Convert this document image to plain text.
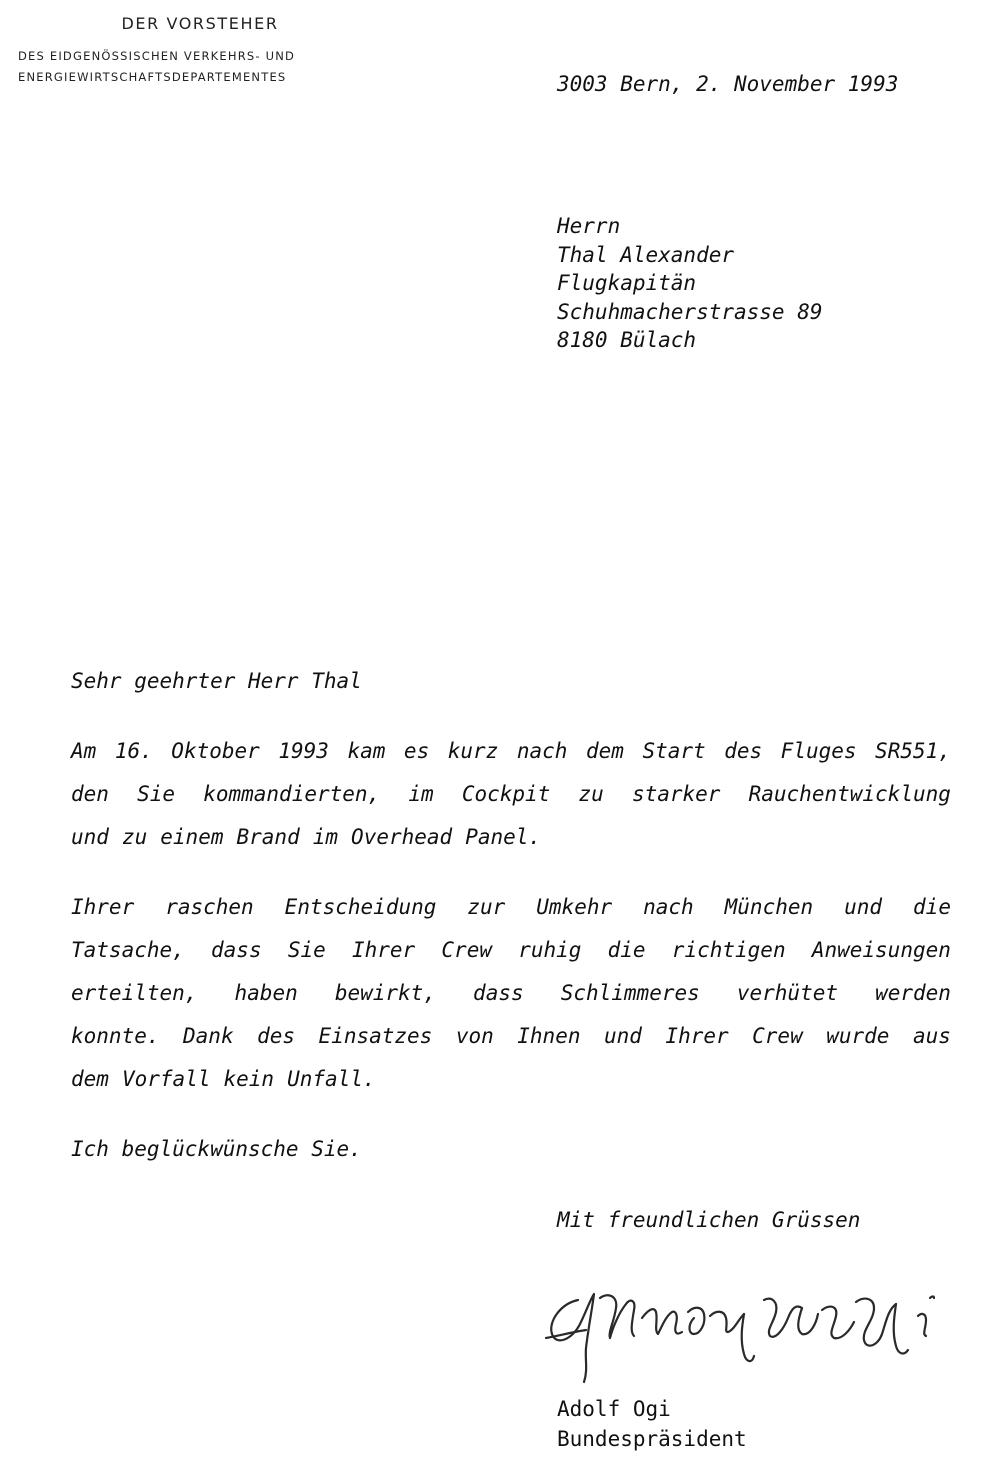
DER VORSTEHER
DES EIDGENÖSSISCHEN VERKEHRS- UND
ENERGIEWIRTSCHAFTSDEPARTEMENTES	3003 Bern, 2. November 1993
Herrn
Thal Alexander
Flugkapitän
Schuhmacherstrasse 89
8180 Bülach
Sehr geehrter Herr Thal
Am 16. Oktober 1993 kam es kurz nach dem Start des Fluges SR551,
den Sie kommandierten, im Cockpit zu starker Rauchentwicklung
und zu einem Brand im Overhead Panel.
Ihrer raschen Entscheidung zur Umkehr nach München und die
Tatsache, dass Sie Ihrer Crew ruhig die richtigen Anweisungen
erteilten, haben bewirkt, dass Schlimmeres verhütet werden
konnte. Dank des Einsatzes von Ihnen und Ihrer Crew wurde aus
dem Vorfall kein Unfall.
Ich beglückwünsche Sie.
Mit freundlichen Grüssen
A. Ogi
Adolf Ogi
Bundespräsident
